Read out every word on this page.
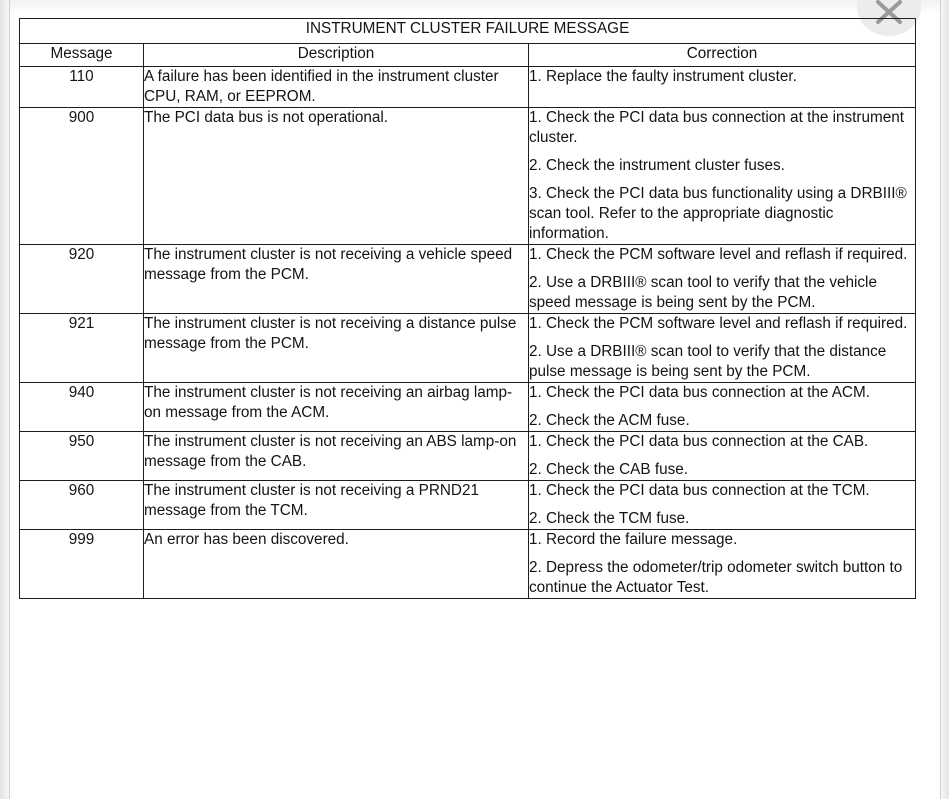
INSTRUMENT CLUSTER FAILURE MESSAGE		
Message	Description	Correction
110	A failure has been identified in the instrument cluster CPU, RAM, or EEPROM.	1. Replace the faulty instrument cluster.

900	The PCI data bus is not operational.	1. Check the PCI data bus connection at the instrument cluster.
2. Check the instrument cluster fuses.
3. Check the PCI data bus functionality using a DRBIII® scan tool. Refer to the appropriate diagnostic information.

920	The instrument cluster is not receiving a vehicle speed message from the PCM.	1. Check the PCM software level and reflash if required.
2. Use a DRBIII® scan tool to verify that the vehicle speed message is being sent by the PCM.

921	The instrument cluster is not receiving a distance pulse message from the PCM.	1. Check the PCM software level and reflash if required.
2. Use a DRBIII® scan tool to verify that the distance pulse message is being sent by the PCM.

940	The instrument cluster is not receiving an airbag lamp-on message from the ACM.	1. Check the PCI data bus connection at the ACM.
2. Check the ACM fuse.

950	The instrument cluster is not receiving an ABS lamp-on message from the CAB.	1. Check the PCI data bus connection at the CAB.
2. Check the CAB fuse.

960	The instrument cluster is not receiving a PRND21 message from the TCM.	1. Check the PCI data bus connection at the TCM.
2. Check the TCM fuse.

999	An error has been discovered.	1. Record the failure message.
2. Depress the odometer/trip odometer switch button to continue the Actuator Test.
